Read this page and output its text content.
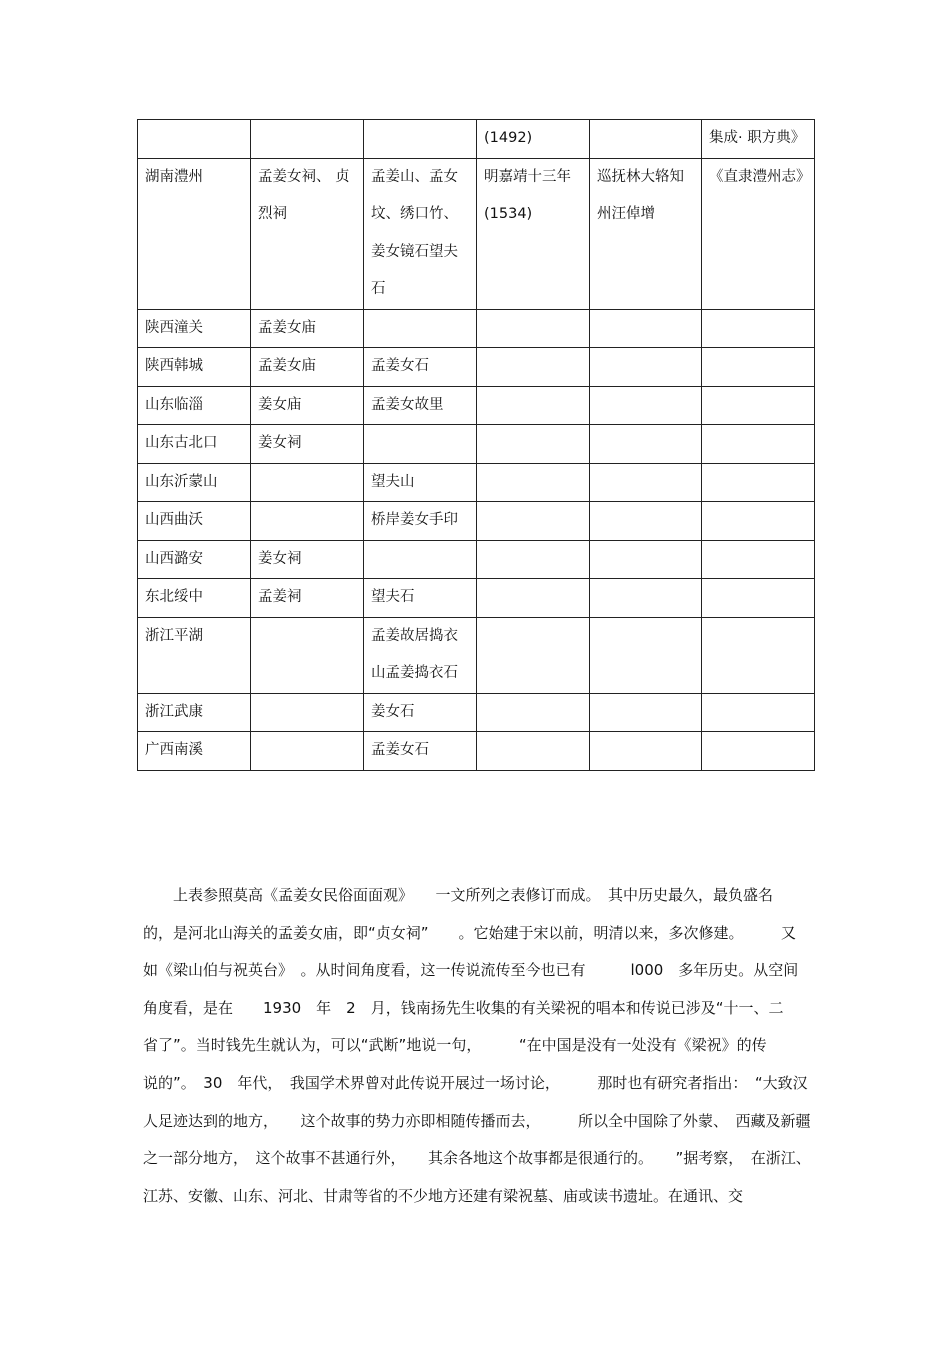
			(1492)		集成· 职方典》
湖南澧州	孟姜女祠、 贞烈祠	孟姜山、孟女坟、绣口竹、姜女镜石望夫石	明嘉靖十三年(1534)	巡抚林大辂知州汪倬增	《直隶澧州志》
陕西潼关	孟姜女庙				
陕西韩城	孟姜女庙	孟姜女石			
山东临淄	姜女庙	孟姜女故里			
山东古北口	姜女祠				
山东沂蒙山		望夫山			
山西曲沃		桥岸姜女手印			
山西潞安	姜女祠				
东北绥中	孟姜祠	望夫石			
浙江平湖		孟姜故居捣衣山孟姜捣衣石			
浙江武康		姜女石			
广西南溪		孟姜女石			
　　上表参照莫高《孟姜女民俗面面观》　　一文所列之表修订而成。　其中历史最久，最负盛名
的，是河北山海关的孟姜女庙，即“贞女祠”　　。它始建于宋以前，明清以来，多次修建。　　　又
如《梁山伯与祝英台》　。从时间角度看，这一传说流传至今也已有　　　l000　多年历史。从空间
角度看，是在　　1930　年　2　月，钱南扬先生收集的有关梁祝的唱本和传说已涉及“十一、二
省了”。当时钱先生就认为，可以“武断”地说一句，　　　“在中国是没有一处没有《梁祝》的传
说的”。　30　年代，　我国学术界曾对此传说开展过一场讨论，　　　那时也有研究者指出：　“大致汉
人足迹达到的地方，　　这个故事的势力亦即相随传播而去，　　　所以全中国除了外蒙、　西藏及新疆
之一部分地方，　这个故事不甚通行外，　　其余各地这个故事都是很通行的。　　”据考察，　在浙江、
江苏、安徽、山东、河北、甘肃等省的不少地方还建有梁祝墓、庙或读书遗址。在通讯、交
